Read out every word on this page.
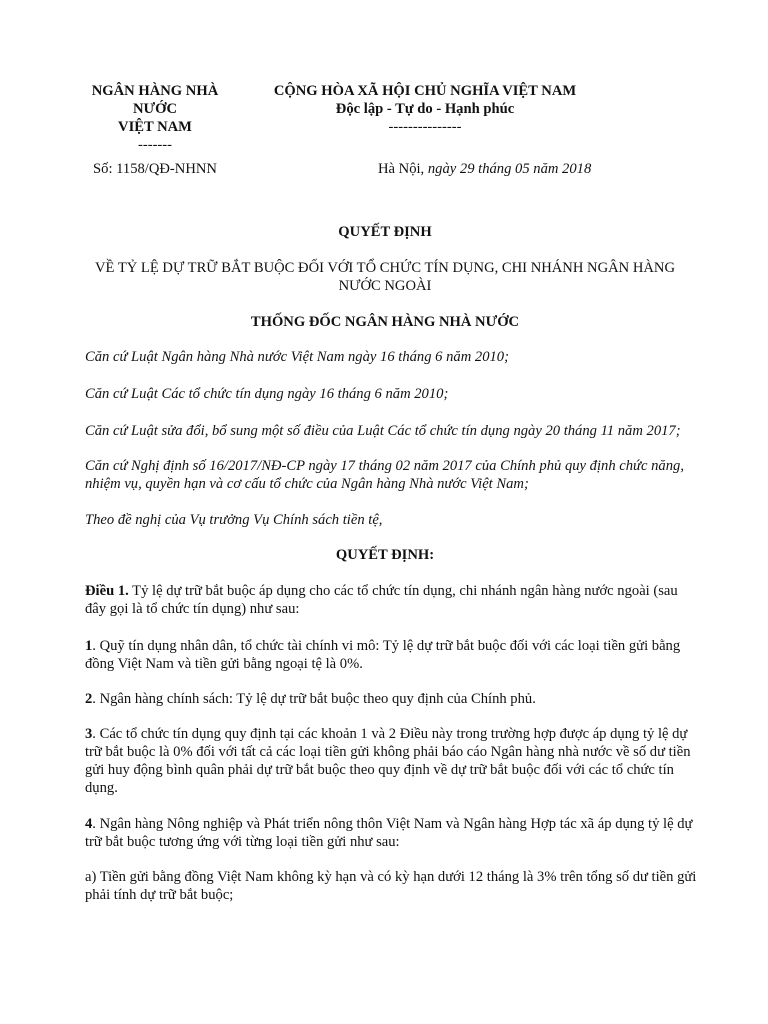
NGÂN HÀNG NHÀ
NƯỚC
VIỆT NAM
-------
Số: 1158/QĐ-NHNN
CỘNG HÒA XÃ HỘI CHỦ NGHĨA VIỆT NAM
Độc lập - Tự do - Hạnh phúc
---------------
Hà Nội, ngày 29 tháng 05 năm 2018
QUYẾT ĐỊNH
VỀ TỶ LỆ DỰ TRỮ BẮT BUỘC ĐỐI VỚI TỔ CHỨC TÍN DỤNG, CHI NHÁNH NGÂN HÀNG
NƯỚC NGOÀI
THỐNG ĐỐC NGÂN HÀNG NHÀ NƯỚC
Căn cứ Luật Ngân hàng Nhà nước Việt Nam ngày 16 tháng 6 năm 2010;
Căn cứ Luật Các tổ chức tín dụng ngày 16 tháng 6 năm 2010;
Căn cứ Luật sửa đổi, bổ sung một số điều của Luật Các tổ chức tín dụng ngày 20 tháng 11 năm 2017;
Căn cứ Nghị định số 16/2017/NĐ-CP ngày 17 tháng 02 năm 2017 của Chính phủ quy định chức năng, nhiệm vụ, quyền hạn và cơ cấu tổ chức của Ngân hàng Nhà nước Việt Nam;
Theo đề nghị của Vụ trưởng Vụ Chính sách tiền tệ,
QUYẾT ĐỊNH:
Điều 1. Tỷ lệ dự trữ bắt buộc áp dụng cho các tổ chức tín dụng, chi nhánh ngân hàng nước ngoài (sau đây gọi là tổ chức tín dụng) như sau:
1. Quỹ tín dụng nhân dân, tổ chức tài chính vi mô: Tỷ lệ dự trữ bắt buộc đối với các loại tiền gửi bằng đồng Việt Nam và tiền gửi bằng ngoại tệ là 0%.
2. Ngân hàng chính sách: Tỷ lệ dự trữ bắt buộc theo quy định của Chính phủ.
3. Các tổ chức tín dụng quy định tại các khoản 1 và 2 Điều này trong trường hợp được áp dụng tỷ lệ dự trữ bắt buộc là 0% đối với tất cả các loại tiền gửi không phải báo cáo Ngân hàng nhà nước về số dư tiền gửi huy động bình quân phải dự trữ bắt buộc theo quy định về dự trữ bắt buộc đối với các tổ chức tín dụng.
4. Ngân hàng Nông nghiệp và Phát triển nông thôn Việt Nam và Ngân hàng Hợp tác xã áp dụng tỷ lệ dự trữ bắt buộc tương ứng với từng loại tiền gửi như sau:
a) Tiền gửi bằng đồng Việt Nam không kỳ hạn và có kỳ hạn dưới 12 tháng là 3% trên tổng số dư tiền gửi phải tính dự trữ bắt buộc;
